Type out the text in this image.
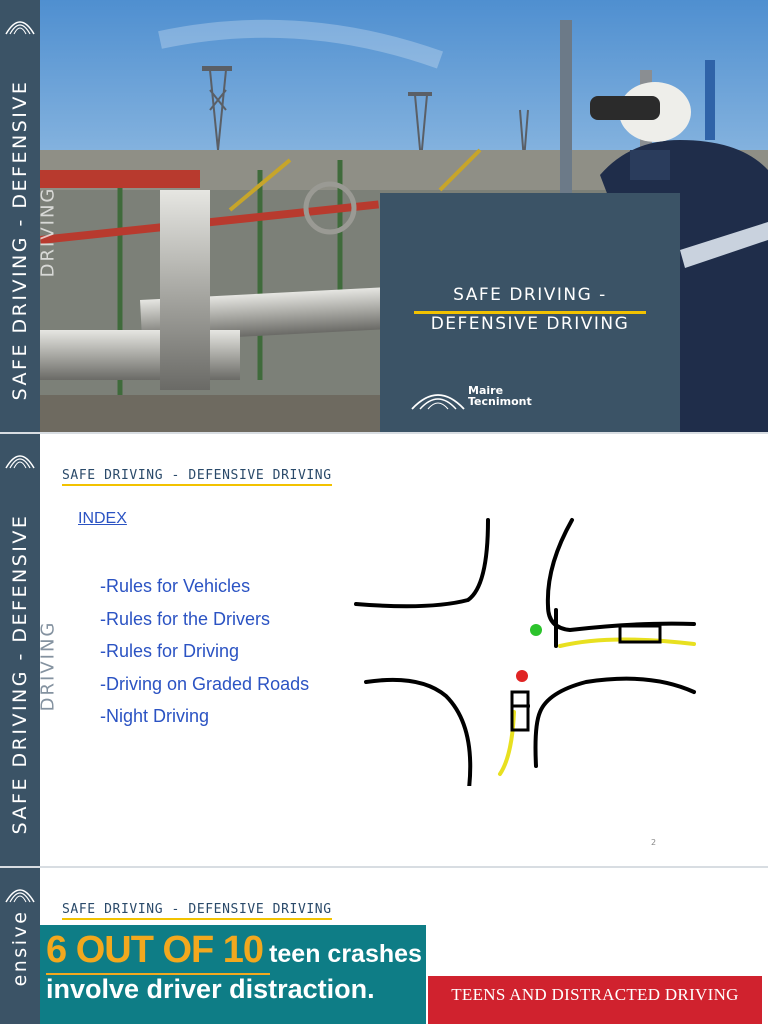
SAFE DRIVING - DEFENSIVE DRIVING
SAFE DRIVING -
DEFENSIVE DRIVING
Maire
Tecnimont
SAFE DRIVING - DEFENSIVE DRIVING
SAFE DRIVING - DEFENSIVE DRIVING
INDEX
-Rules for Vehicles
-Rules for the Drivers
-Rules for Driving
-Driving on Graded Roads
-Night Driving
2
ensive
SAFE DRIVING - DEFENSIVE DRIVING
6 OUT OF 10 teen crashes
involve driver distraction.	TEENS AND DISTRACTED DRIVING
